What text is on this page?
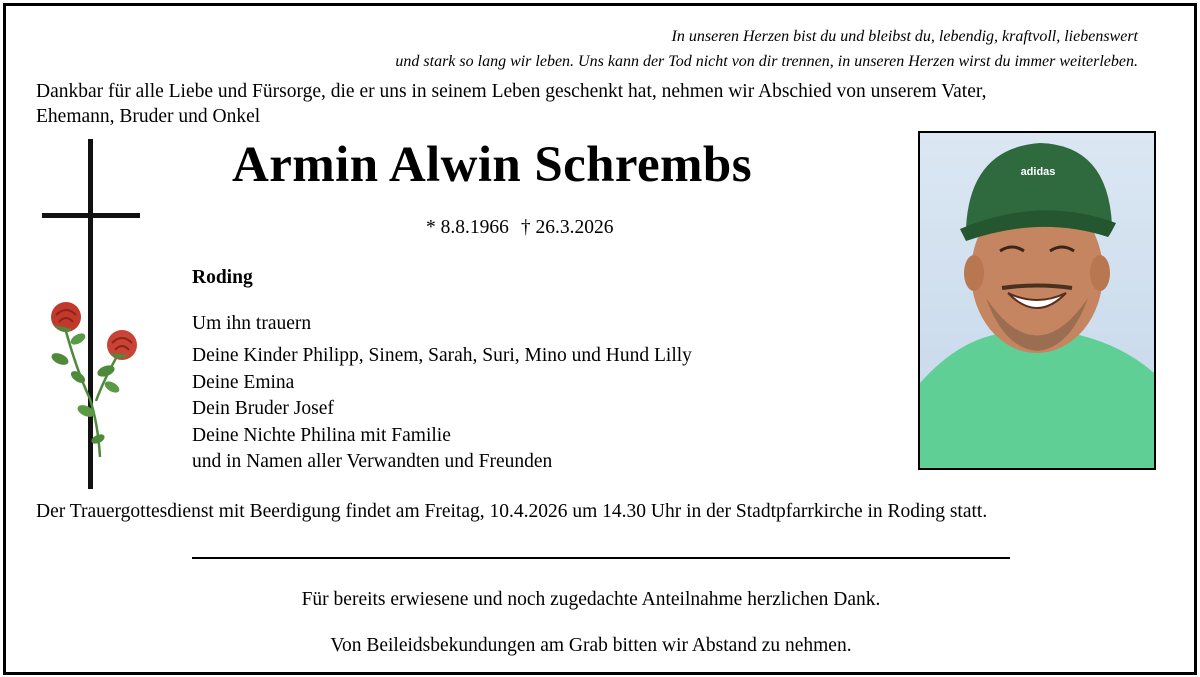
In unseren Herzen bist du und bleibst du, lebendig, kraftvoll, liebenswert
und stark so lang wir leben. Uns kann der Tod nicht von dir trennen, in unseren Herzen wirst du immer weiterleben.
Dankbar für alle Liebe und Fürsorge, die er uns in seinem Leben geschenkt hat, nehmen wir Abschied von unserem Vater,
Ehemann, Bruder und Onkel
Armin Alwin Schrembs
* 8.8.1966 † 26.3.2026
Roding
Um ihn trauern
Deine Kinder Philipp, Sinem, Sarah, Suri, Mino und Hund Lilly
Deine Emina
Dein Bruder Josef
Deine Nichte Philina mit Familie
und in Namen aller Verwandten und Freunden
adidas
Der Trauergottesdienst mit Beerdigung findet am Freitag, 10.4.2026 um 14.30 Uhr in der Stadtpfarrkirche in Roding statt.
Für bereits erwiesene und noch zugedachte Anteilnahme herzlichen Dank.
Von Beileidsbekundungen am Grab bitten wir Abstand zu nehmen.
